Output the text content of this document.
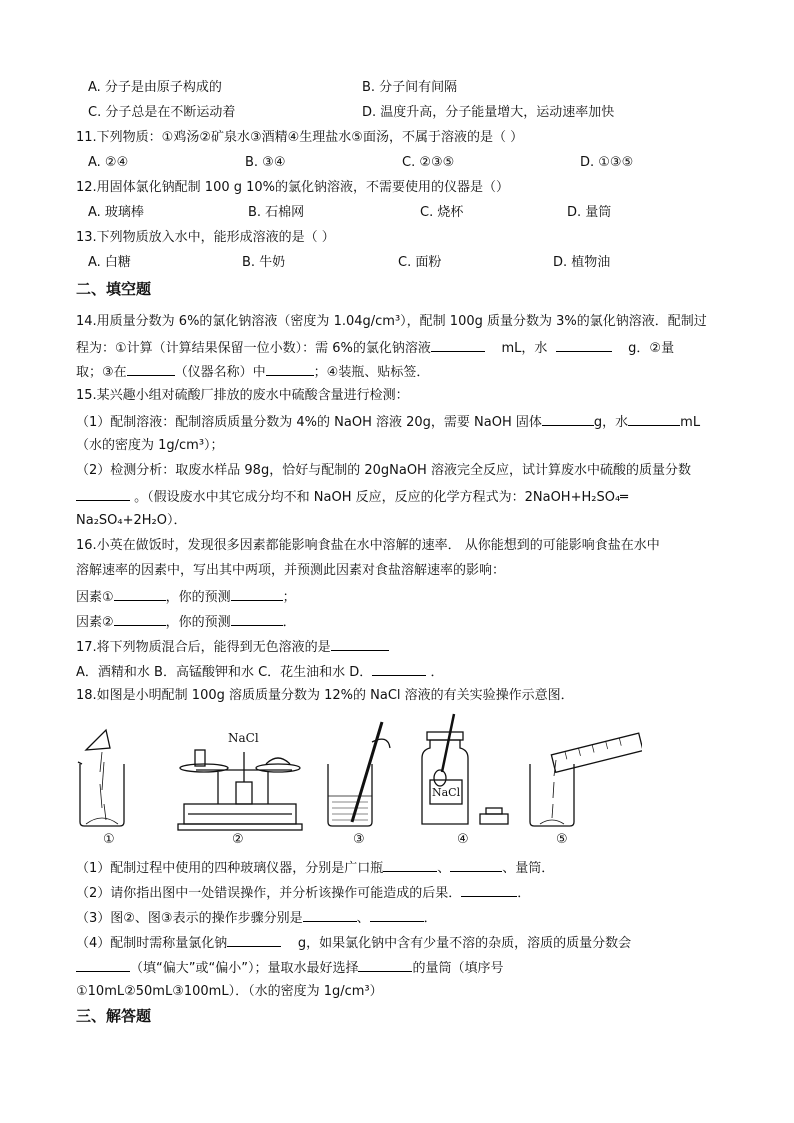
A. 分子是由原子构成的	B. 分子间有间隔
C. 分子总是在不断运动着	D. 温度升高，分子能量增大，运动速率加快
11.下列物质：①鸡汤②矿泉水③酒精④生理盐水⑤面汤，不属于溶液的是（ ）
A. ②④	B. ③④	C. ②③⑤	D. ①③⑤
12.用固体氯化钠配制 100 g 10%的氯化钠溶液，不需要使用的仪器是（）
A. 玻璃棒	B. 石棉网	C. 烧杯	D. 量筒
13.下列物质放入水中，能形成溶液的是（ ）
A. 白糖	B. 牛奶	C. 面粉	D. 植物油
二、填空题
14.用质量分数为 6%的氯化钠溶液（密度为 1.04g/cm³），配制 100g 质量分数为 3%的氯化钠溶液．配制过
程为：①计算（计算结果保留一位小数）：需 6%的氯化钠溶液	mL，水	g．②量
取；③在	（仪器名称）中	；④装瓶、贴标签．
15.某兴趣小组对硫酸厂排放的废水中硫酸含量进行检测：
（1）配制溶液：配制溶质质量分数为 4%的 NaOH 溶液 20g，需要 NaOH 固体	g，水	mL
（水的密度为 1g/cm³）；
（2）检测分析：取废水样品 98g，恰好与配制的 20gNaOH 溶液完全反应，试计算废水中硫酸的质量分数
。（假设废水中其它成分均不和 NaOH 反应，反应的化学方程式为：2NaOH+H₂SO₄═
Na₂SO₄+2H₂O）．
16.小英在做饭时，发现很多因素都能影响食盐在水中溶解的速率． 从你能想到的可能影响食盐在水中
溶解速率的因素中，写出其中两项，并预测此因素对食盐溶解速率的影响：
因素①	，你的预测	；
因素②	，你的预测	．
17.将下列物质混合后，能得到无色溶液的是
A．酒精和水 B．高锰酸钾和水 C．花生油和水 D．	．
18.如图是小明配制 100g 溶质质量分数为 12%的 NaCl 溶液的有关实验操作示意图．
NaCl
NaCl
①	②	③	④	⑤
（1）配制过程中使用的四种玻璃仪器，分别是广口瓶	、	、量筒．
（2）请你指出图中一处错误操作，并分析该操作可能造成的后果．	．
（3）图②、图③表示的操作步骤分别是	、	．
（4）配制时需称量氯化钠	g，如果氯化钠中含有少量不溶的杂质，溶质的质量分数会
（填“偏大”或“偏小”）；量取水最好选择	的量筒（填序号
①10mL②50mL③100mL）．（水的密度为 1g/cm³）
三、解答题
